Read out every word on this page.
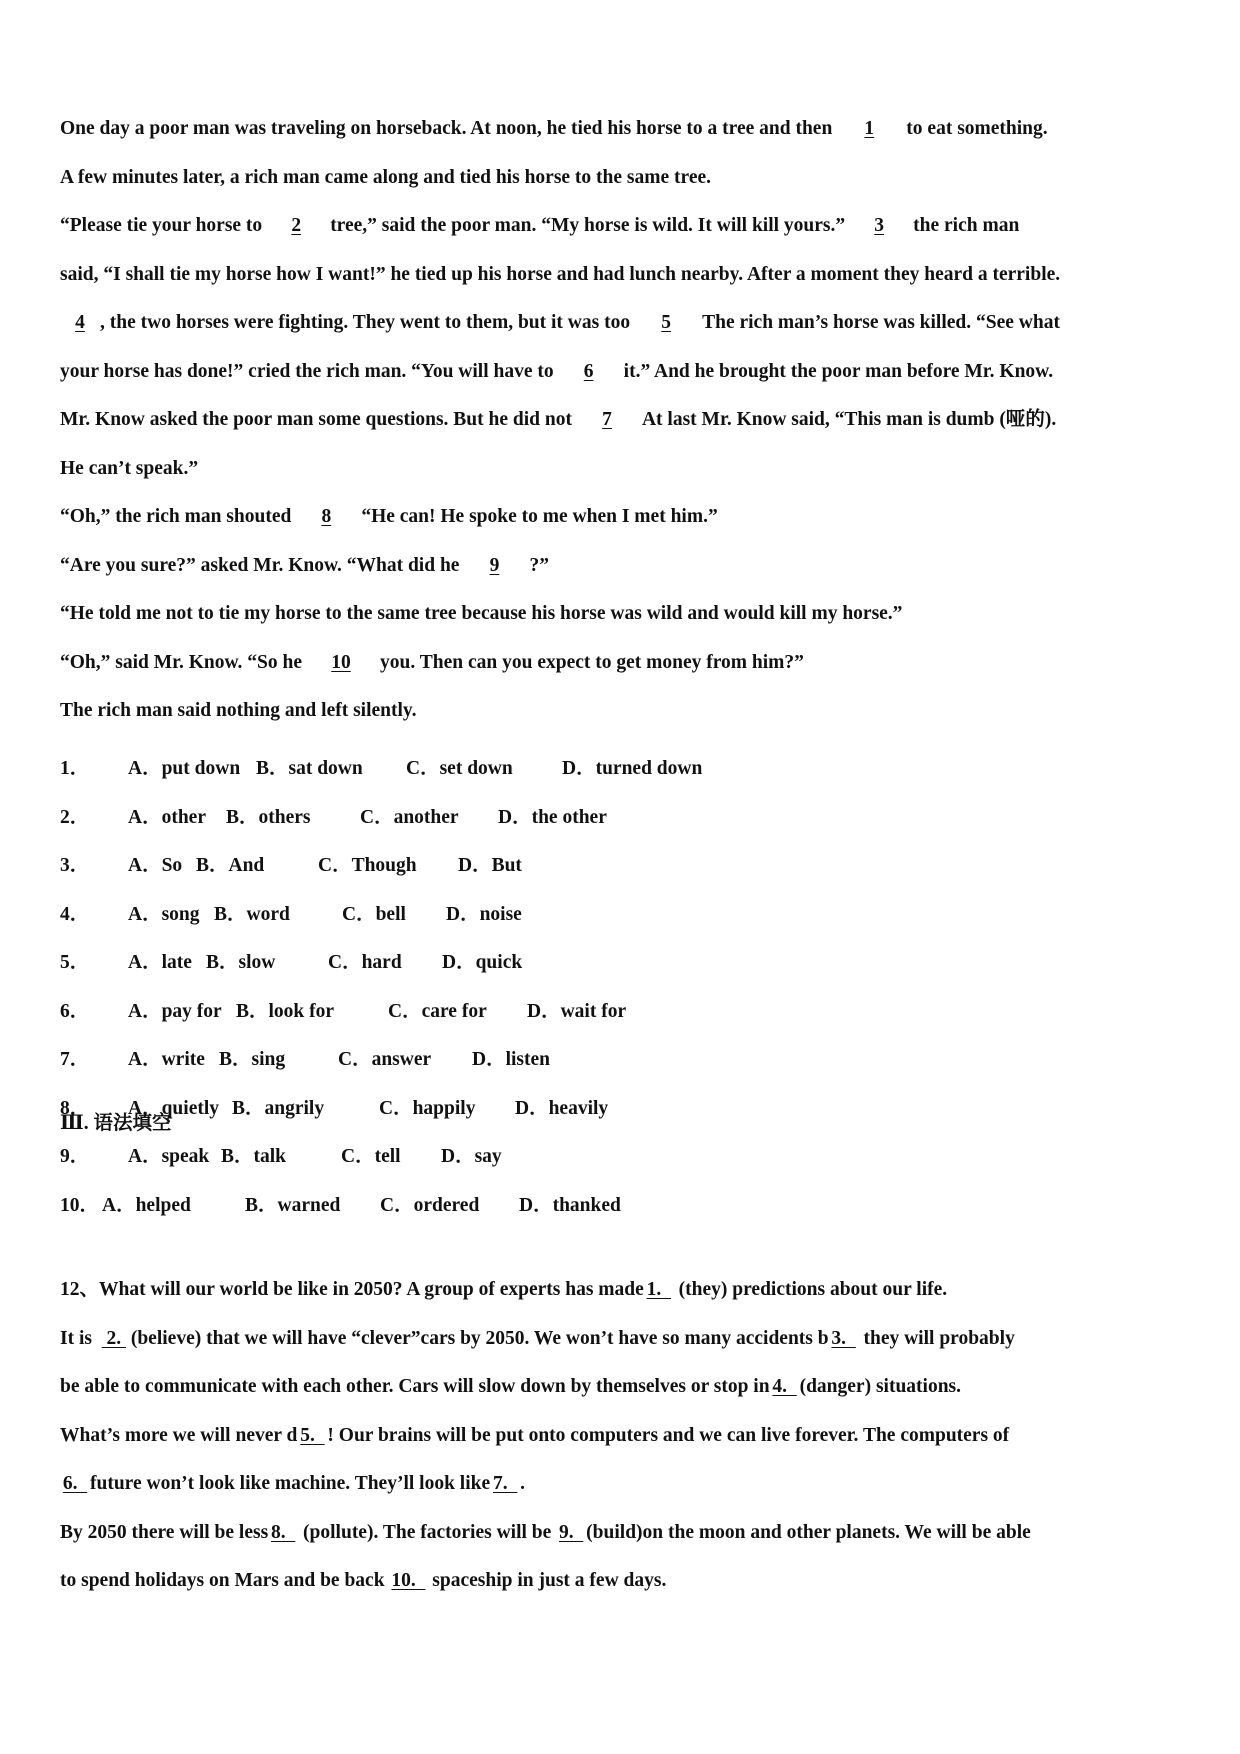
One day a poor man was traveling on horseback. At noon, he tied his horse to a tree and then 1 to eat something.
A few minutes later, a rich man came along and tied his horse to the same tree.
“Please tie your horse to 2 tree,” said the poor man. “My horse is wild. It will kill yours.” 3 the rich man
said, “I shall tie my horse how I want!” he tied up his horse and had lunch nearby. After a moment they heard a terrible.
4 , the two horses were fighting. They went to them, but it was too 5 The rich man’s horse was killed. “See what
your horse has done!” cried the rich man. “You will have to 6 it.” And he brought the poor man before Mr. Know.
Mr. Know asked the poor man some questions. But he did not 7 At last Mr. Know said, “This man is dumb (哑的).
He can’t speak.”
“Oh,” the rich man shouted 8 “He can! He spoke to me when I met him.”
“Are you sure?” asked Mr. Know. “What did he 9 ?”
“He told me not to tie my horse to the same tree because his horse was wild and would kill my horse.”
“Oh,” said Mr. Know. “So he 10 you. Then can you expect to get money from him?”
The rich man said nothing and left silently.
1． A．put down B．sat down C．set down	D．turned down
2． A．other B．others	C．another D．the other
3． A．So B．And	C．Though D．But
4． A．song B．word	C．bell D．noise
5． A．late B．slow	C．hard D．quick
6． A．pay for B．look for	C．care for D．wait for
7． A．write B．sing	C．answer D．listen
8． A．quietly B．angrily	C．happily D．heavily
9． A．speak B．talk	C．tell D．say
10． A．helped	B．warned C．ordered D．thanked
Ⅲ. 语法填空
12、What will our world be like in 2050? A group of experts has made 1.   (they) predictions about our life.
It is  2. (believe) that we will have “clever”cars by 2050. We won’t have so many accidents b 3.   they will probably
be able to communicate with each other. Cars will slow down by themselves or stop in 4.  (danger) situations.
What’s more we will never d 5.  ! Our brains will be put onto computers and we can live forever. The computers of
6.  future won’t look like machine. They’ll look like 7.  .
By 2050 there will be less 8.   (pollute). The factories will be 9.  (build)on the moon and other planets. We will be able
to spend holidays on Mars and be back 10.   spaceship in just a few days.
